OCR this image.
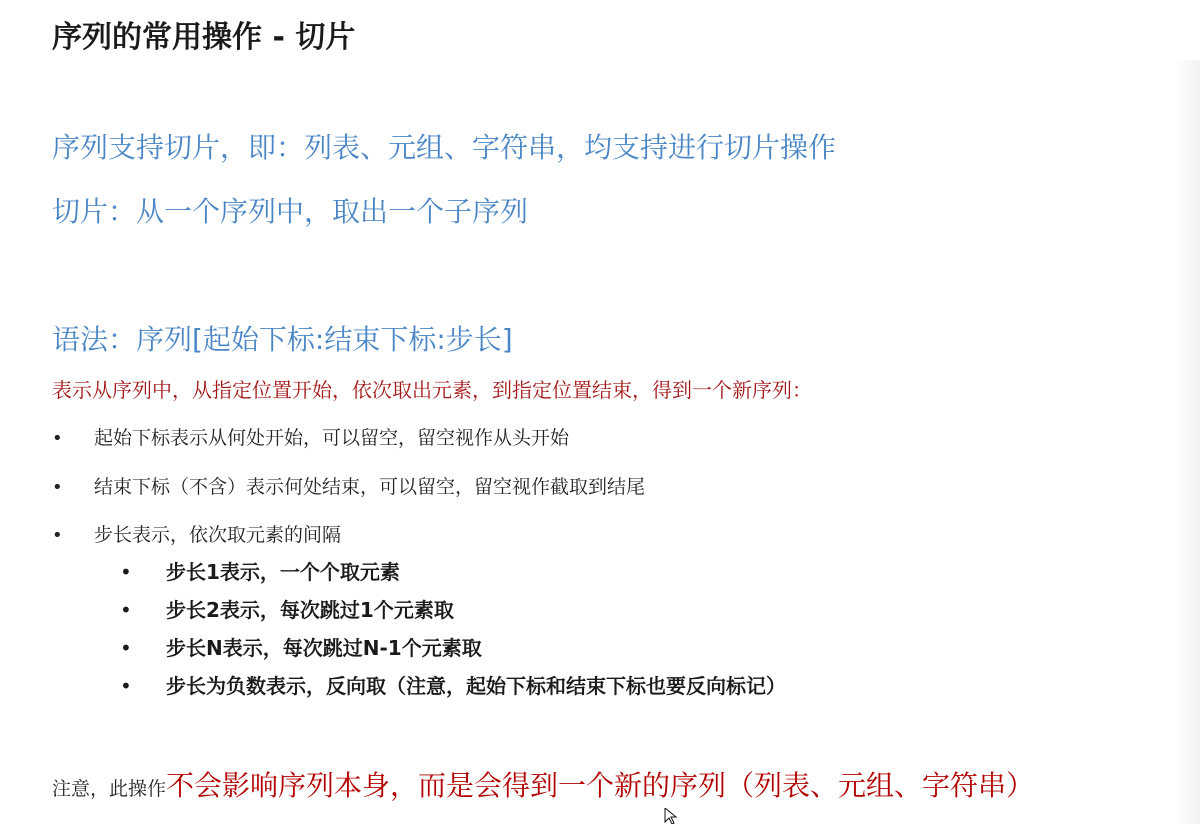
序列的常用操作 - 切片
序列支持切片，即：列表、元组、字符串，均支持进行切片操作
切片：从一个序列中，取出一个子序列
语法：序列[起始下标:结束下标:步长]
表示从序列中，从指定位置开始，依次取出元素，到指定位置结束，得到一个新序列：
• 起始下标表示从何处开始，可以留空，留空视作从头开始
• 结束下标（不含）表示何处结束，可以留空，留空视作截取到结尾
• 步长表示，依次取元素的间隔
• 步长1表示，一个个取元素
• 步长2表示，每次跳过1个元素取
• 步长N表示，每次跳过N-1个元素取
• 步长为负数表示，反向取（注意，起始下标和结束下标也要反向标记）
注意，此操作不会影响序列本身，而是会得到一个新的序列（列表、元组、字符串）
